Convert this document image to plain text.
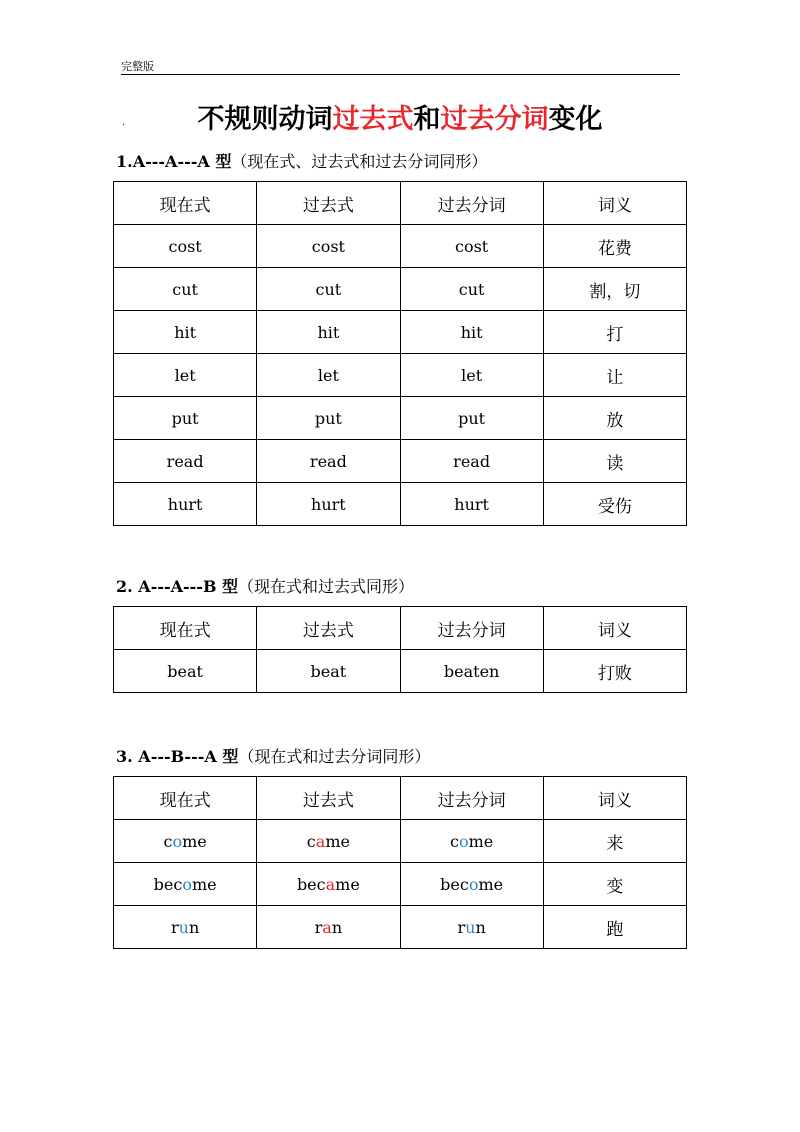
完整版
.	不规则动词过去式和过去分词变化
1.A---A---A 型（现在式、过去式和过去分词同形）
现在式	过去式	过去分词	词义
cost	cost	cost	花费
cut	cut	cut	割，切
hit	hit	hit	打
let	let	let	让
put	put	put	放
read	read	read	读
hurt	hurt	hurt	受伤
2. A---A---B 型（现在式和过去式同形）
现在式	过去式	过去分词	词义
beat	beat	beaten	打败
3. A---B---A 型（现在式和过去分词同形）
现在式	过去式	过去分词	词义
come	came	come	来
become	became	become	变
run	ran	run	跑
